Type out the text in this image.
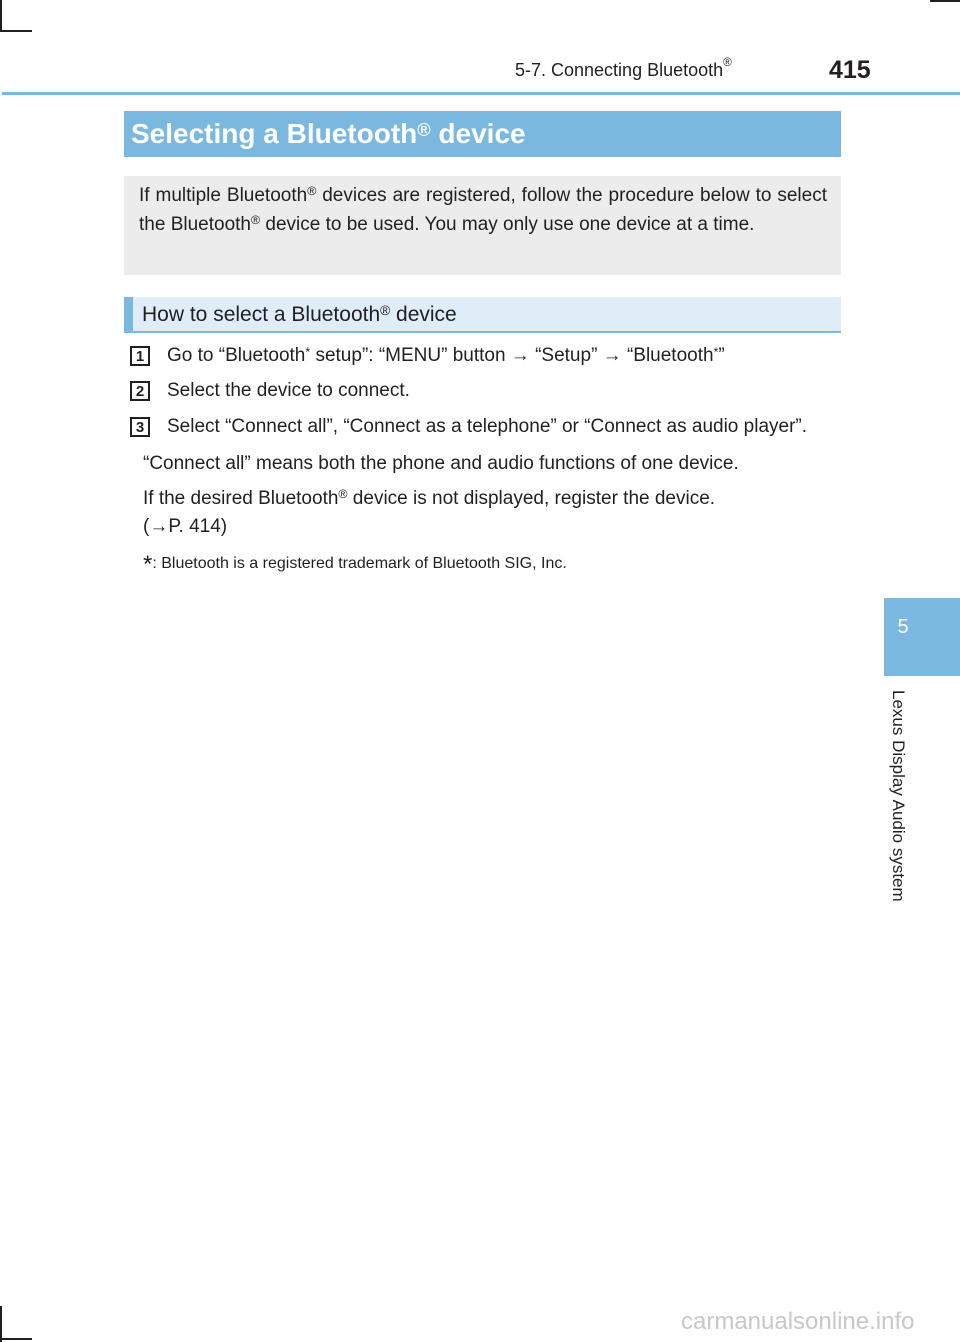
5-7. Connecting Bluetooth®	415
Selecting a Bluetooth® device
If multiple Bluetooth® devices are registered, follow the procedure below to select the Bluetooth® device to be used. You may only use one device at a time.
How to select a Bluetooth® device
1	Go to “Bluetooth* setup”: “MENU” button → “Setup” → “Bluetooth*”
2	Select the device to connect.
3	Select “Connect all”, “Connect as a telephone” or “Connect as audio player”.
“Connect all” means both the phone and audio functions of one device.
If the desired Bluetooth® device is not displayed, register the device.
(→P. 414)
*: Bluetooth is a registered trademark of Bluetooth SIG, Inc.
5
Lexus Display Audio system
carmanualsonline.info
